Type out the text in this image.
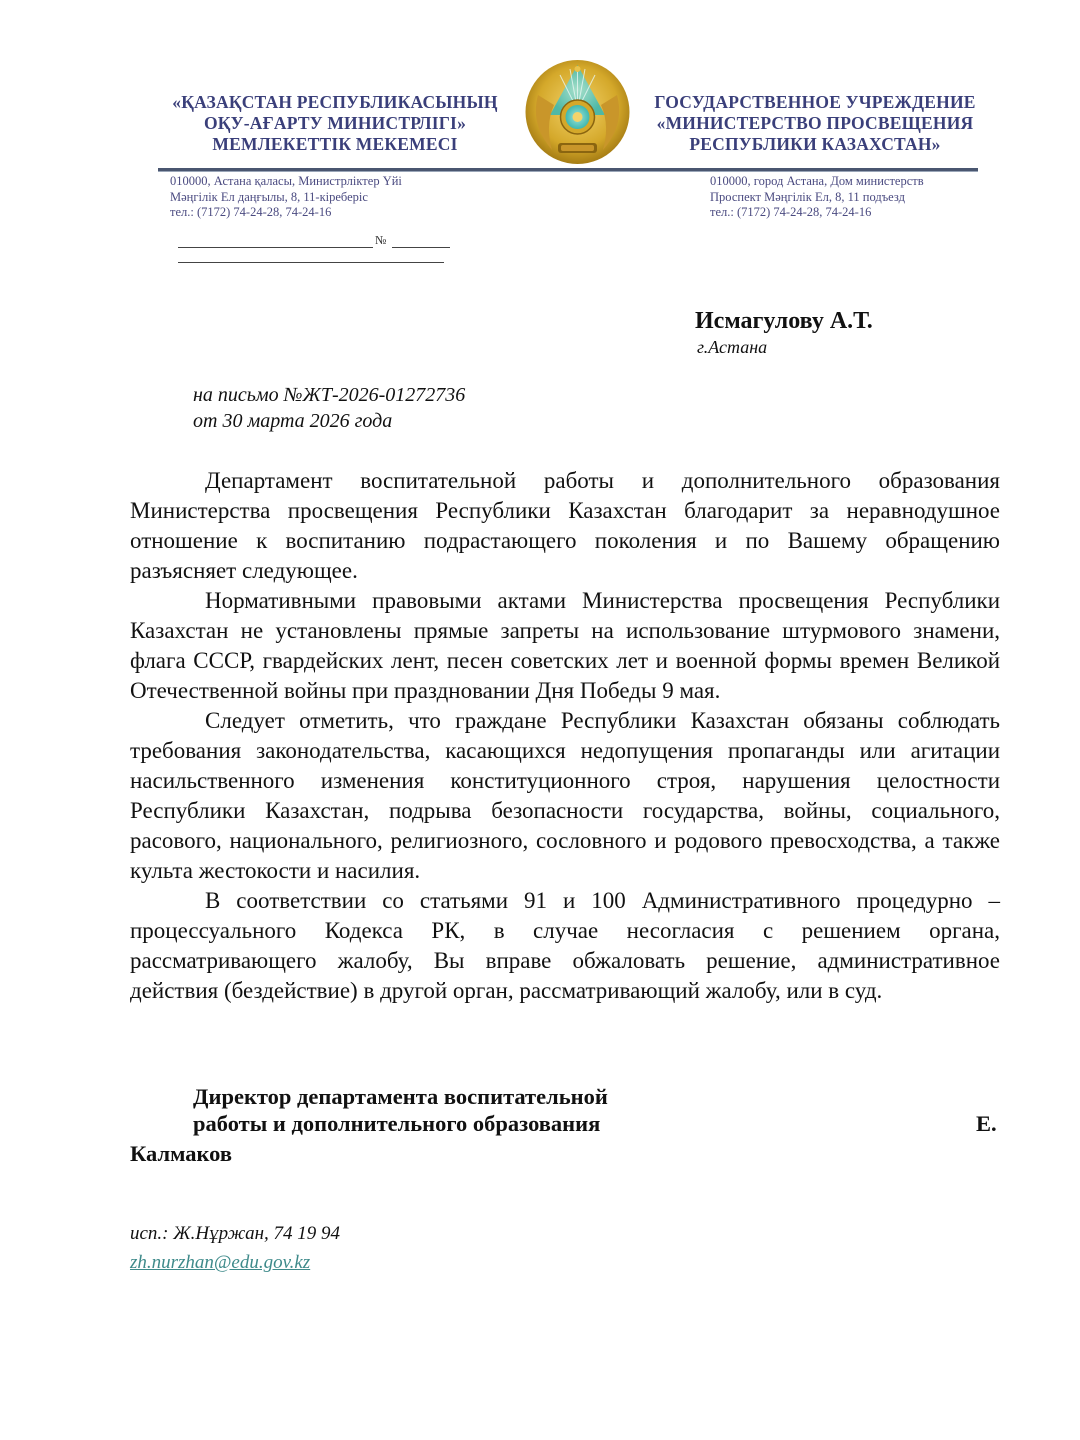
«ҚАЗАҚСТАН РЕСПУБЛИКАСЫНЫҢ
ОҚУ-АҒАРТУ МИНИСТРЛІГІ»
МЕМЛЕКЕТТІК МЕКЕМЕСІ
ГОСУДАРСТВЕННОЕ УЧРЕЖДЕНИЕ
«МИНИСТЕРСТВО ПРОСВЕЩЕНИЯ
РЕСПУБЛИКИ КАЗАХСТАН»
010000, Астана қаласы, Министрліктер Үйі
Мәңгілік Ел даңғылы, 8, 11-кіреберіс
тел.: (7172) 74-24-28, 74-24-16
010000, город Астана, Дом министерств
Проспект Мәңгілік Ел, 8, 11 подъезд
тел.: (7172) 74-24-28, 74-24-16
№
Исмагулову А.Т.
г.Астана
на письмо №ЖТ-2026-01272736
от 30 марта 2026 года

Департамент воспитательной работы и дополнительного образования Министерства просвещения Республики Казахстан благодарит за неравнодушное отношение к воспитанию подрастающего поколения и по Вашему обращению разъясняет следующее.

Нормативными правовыми актами Министерства просвещения Республики Казахстан не установлены прямые запреты на использование штурмового знамени, флага СССР, гвардейских лент, песен советских лет и военной формы времен Великой Отечественной войны при праздновании Дня Победы 9 мая.

Следует отметить, что граждане Республики Казахстан обязаны соблюдать требования законодательства, касающихся недопущения пропаганды или агитации насильственного изменения конституционного строя, нарушения целостности Республики Казахстан, подрыва безопасности государства, войны, социального, расового, национального, религиозного, сословного и родового превосходства, а также культа жестокости и насилия.

В соответствии со статьями 91 и 100 Административного процедурно – процессуального Кодекса РК, в случае несогласия с решением органа, рассматривающего жалобу, Вы вправе обжаловать решение, административное действия (бездействие) в другой орган, рассматривающий жалобу, или в суд.

Директор департамента воспитательной
работы и дополнительного образования	Е.
Калмаков
исп.: Ж.Нұржан, 74 19 94
zh.nurzhan@edu.gov.kz
